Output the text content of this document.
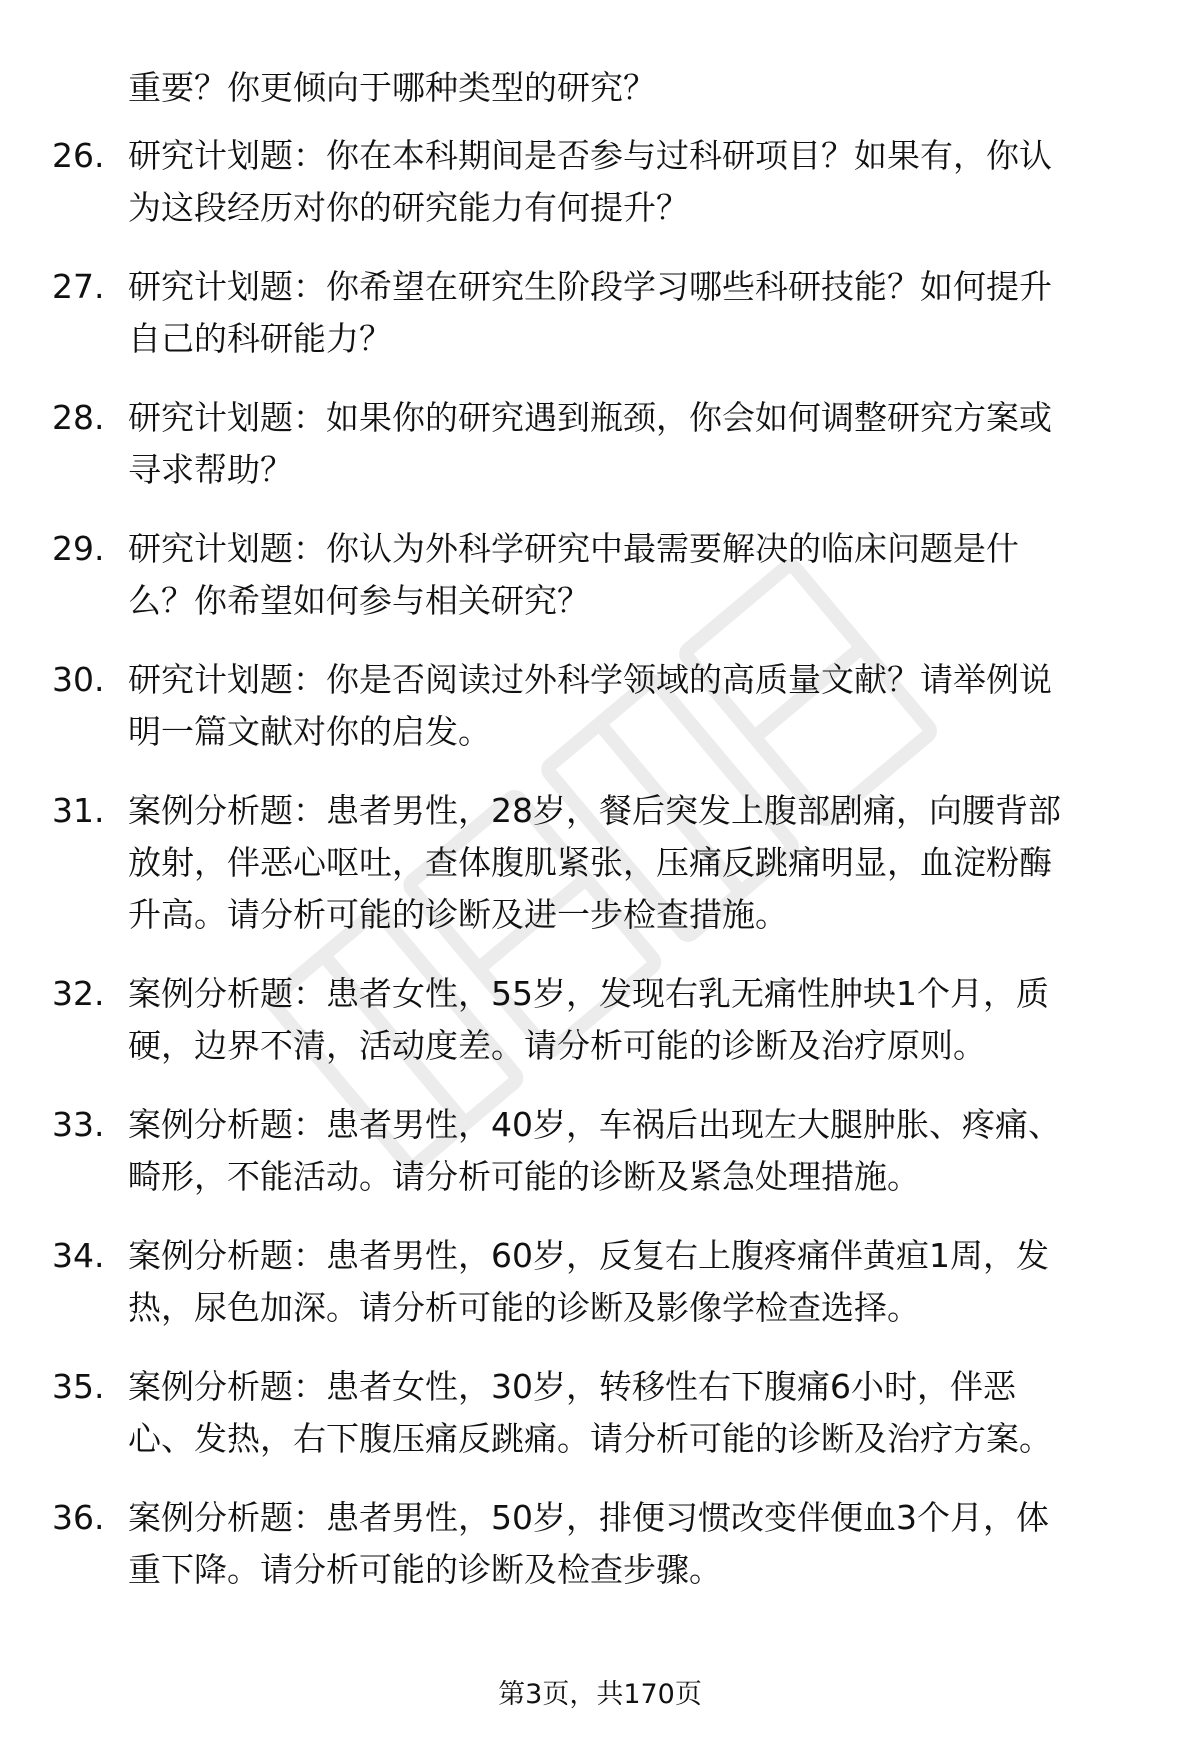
重要？你更倾向于哪种类型的研究？
26. 研究计划题：你在本科期间是否参与过科研项目？如果有，你认
为这段经历对你的研究能力有何提升？
27. 研究计划题：你希望在研究生阶段学习哪些科研技能？如何提升
自己的科研能力？
28. 研究计划题：如果你的研究遇到瓶颈，你会如何调整研究方案或
寻求帮助？
29. 研究计划题：你认为外科学研究中最需要解决的临床问题是什
么？你希望如何参与相关研究？
30. 研究计划题：你是否阅读过外科学领域的高质量文献？请举例说
明一篇文献对你的启发。
31. 案例分析题：患者男性，28岁，餐后突发上腹部剧痛，向腰背部
放射，伴恶心呕吐，查体腹肌紧张，压痛反跳痛明显，血淀粉酶
升高。请分析可能的诊断及进一步检查措施。
32. 案例分析题：患者女性，55岁，发现右乳无痛性肿块1个月，质
硬，边界不清，活动度差。请分析可能的诊断及治疗原则。
33. 案例分析题：患者男性，40岁，车祸后出现左大腿肿胀、疼痛、
畸形，不能活动。请分析可能的诊断及紧急处理措施。
34. 案例分析题：患者男性，60岁，反复右上腹疼痛伴黄疸1周，发
热，尿色加深。请分析可能的诊断及影像学检查选择。
35. 案例分析题：患者女性，30岁，转移性右下腹痛6小时，伴恶
心、发热，右下腹压痛反跳痛。请分析可能的诊断及治疗方案。
36. 案例分析题：患者男性，50岁，排便习惯改变伴便血3个月，体
重下降。请分析可能的诊断及检查步骤。
第3页，共170页
